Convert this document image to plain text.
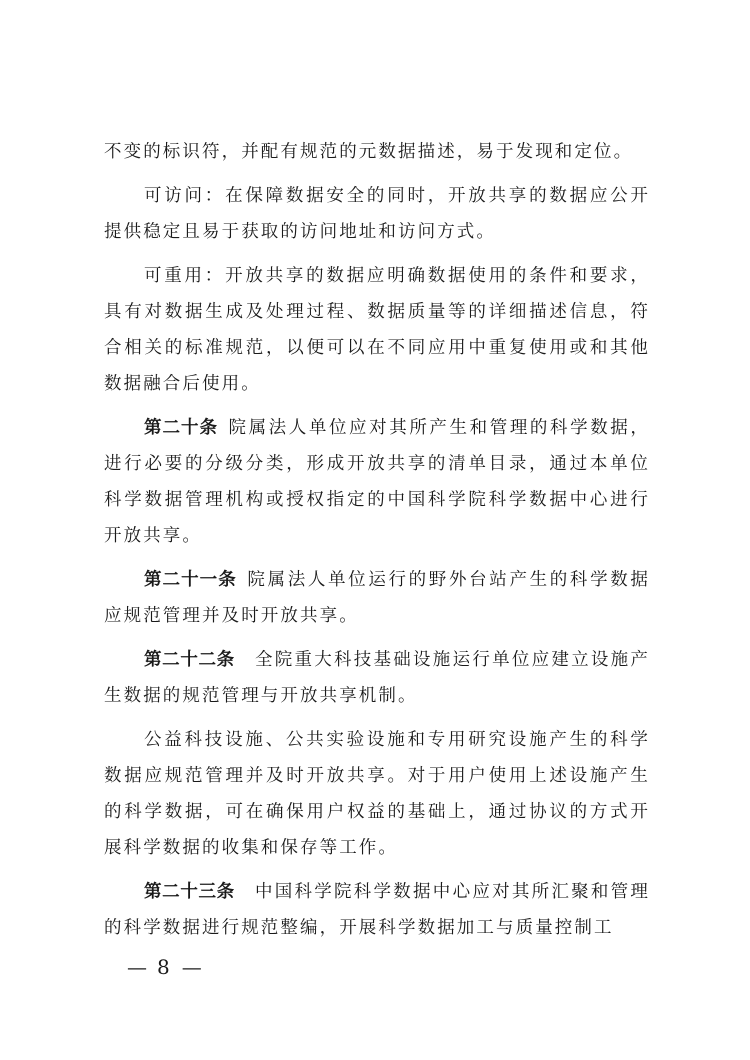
不变的标识符，并配有规范的元数据描述，易于发现和定位。

可访问：在保障数据安全的同时，开放共享的数据应公开提供稳定且易于获取的访问地址和访问方式。

可重用：开放共享的数据应明确数据使用的条件和要求，具有对数据生成及处理过程、数据质量等的详细描述信息，符合相关的标准规范，以便可以在不同应用中重复使用或和其他数据融合后使用。

第二十条 院属法人单位应对其所产生和管理的科学数据，进行必要的分级分类，形成开放共享的清单目录，通过本单位科学数据管理机构或授权指定的中国科学院科学数据中心进行开放共享。

第二十一条 院属法人单位运行的野外台站产生的科学数据应规范管理并及时开放共享。

第二十二条 全院重大科技基础设施运行单位应建立设施产生数据的规范管理与开放共享机制。

公益科技设施、公共实验设施和专用研究设施产生的科学数据应规范管理并及时开放共享。对于用户使用上述设施产生的科学数据，可在确保用户权益的基础上，通过协议的方式开展科学数据的收集和保存等工作。

第二十三条 中国科学院科学数据中心应对其所汇聚和管理的科学数据进行规范整编，开展科学数据加工与质量控制工

— 8 —
